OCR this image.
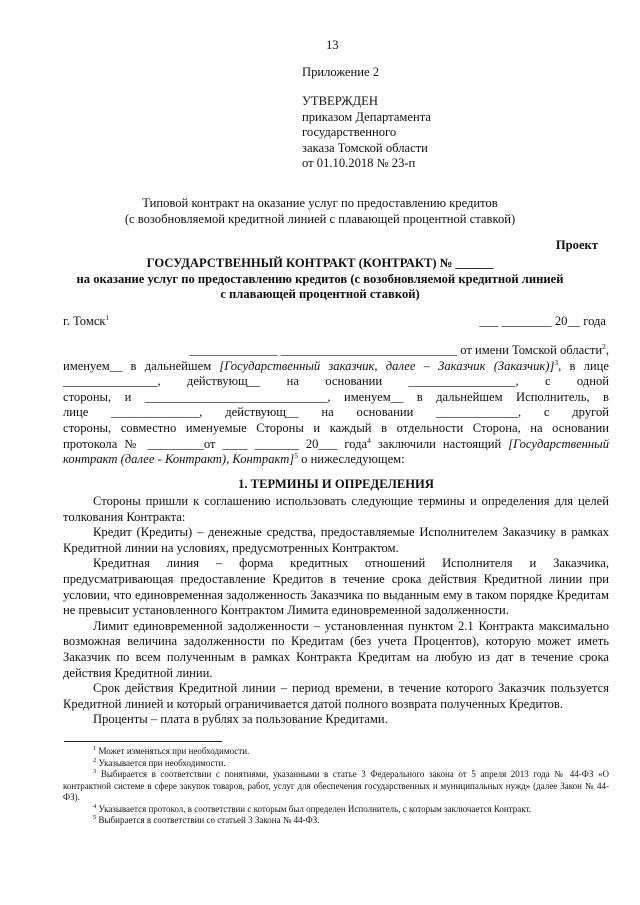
13
Приложение 2

УТВЕРЖДЕН

приказом Департамента

государственного

заказа Томской области

от 01.10.2018 № 23-п

Типовой контракт на оказание услуг по предоставлению кредитов
(с возобновляемой кредитной линией с плавающей процентной ставкой)
Проект
ГОСУДАРСТВЕННЫЙ КОНТРАКТ (КОНТРАКТ) № ______
на оказание услуг по предоставлению кредитов (с возобновляемой кредитной линией
с плавающей процентной ставкой)
г. Томск$^1$	___ ________ 20__ года
______________ ____________________________ от имени Томской области$^2$,
именуем__ в дальнейшем [Государственный заказчик, далее – Заказчик (Заказчик)]$^3$, в лице
_______________, действующ__ на основании _________________, с одной
стороны, и _____________________________, именуем__ в дальнейшем Исполнитель, в
лице ______________, действующ__ на основании _____________, с другой
стороны, совместно именуемые Стороны и каждый в отдельности Сторона, на основании
протокола № _________от ____ _______ 20___ года$^4$ заключили настоящий [Государственный
контракт (далее - Контракт), Контракт]$^5$ о нижеследующем:
1. ТЕРМИНЫ И ОПРЕДЕЛЕНИЯ

Стороны пришли к соглашению использовать следующие термины и определения для целей толкования Контракта:

Кредит (Кредиты) – денежные средства, предоставляемые Исполнителем Заказчику в рамках Кредитной линии на условиях, предусмотренных Контрактом.

Кредитная линия – форма кредитных отношений Исполнителя и Заказчика, предусматривающая предоставление Кредитов в течение срока действия Кредитной линии при условии, что единовременная задолженность Заказчика по выданным ему в таком порядке Кредитам не превысит установленного Контрактом Лимита единовременной задолженности.

Лимит единовременной задолженности – установленная пунктом 2.1 Контракта максимально возможная величина задолженности по Кредитам (без учета Процентов), которую может иметь Заказчик по всем полученным в рамках Контракта Кредитам на любую из дат в течение срока действия Кредитной линии.

Срок действия Кредитной линии – период времени, в течение которого Заказчик пользуется Кредитной линией и который ограничивается датой полного возврата полученных Кредитов.

Проценты – плата в рублях за пользование Кредитами.

$^1$ Может изменяться при необходимости.
$^2$ Указывается при необходимости.
$^3$ Выбирается в соответствии с понятиями, указанными в статье 3 Федерального закона от 5 апреля 2013 года № 44-ФЗ «О контрактной системе в сфере закупок товаров, работ, услуг для обеспечения государственных и муниципальных нужд» (далее Закон № 44-ФЗ).
$^4$ Указывается протокол, в соответствии с которым был определен Исполнитель, с которым заключается Контракт.
$^5$ Выбирается в соответствии со статьей 3 Закона № 44-ФЗ.
